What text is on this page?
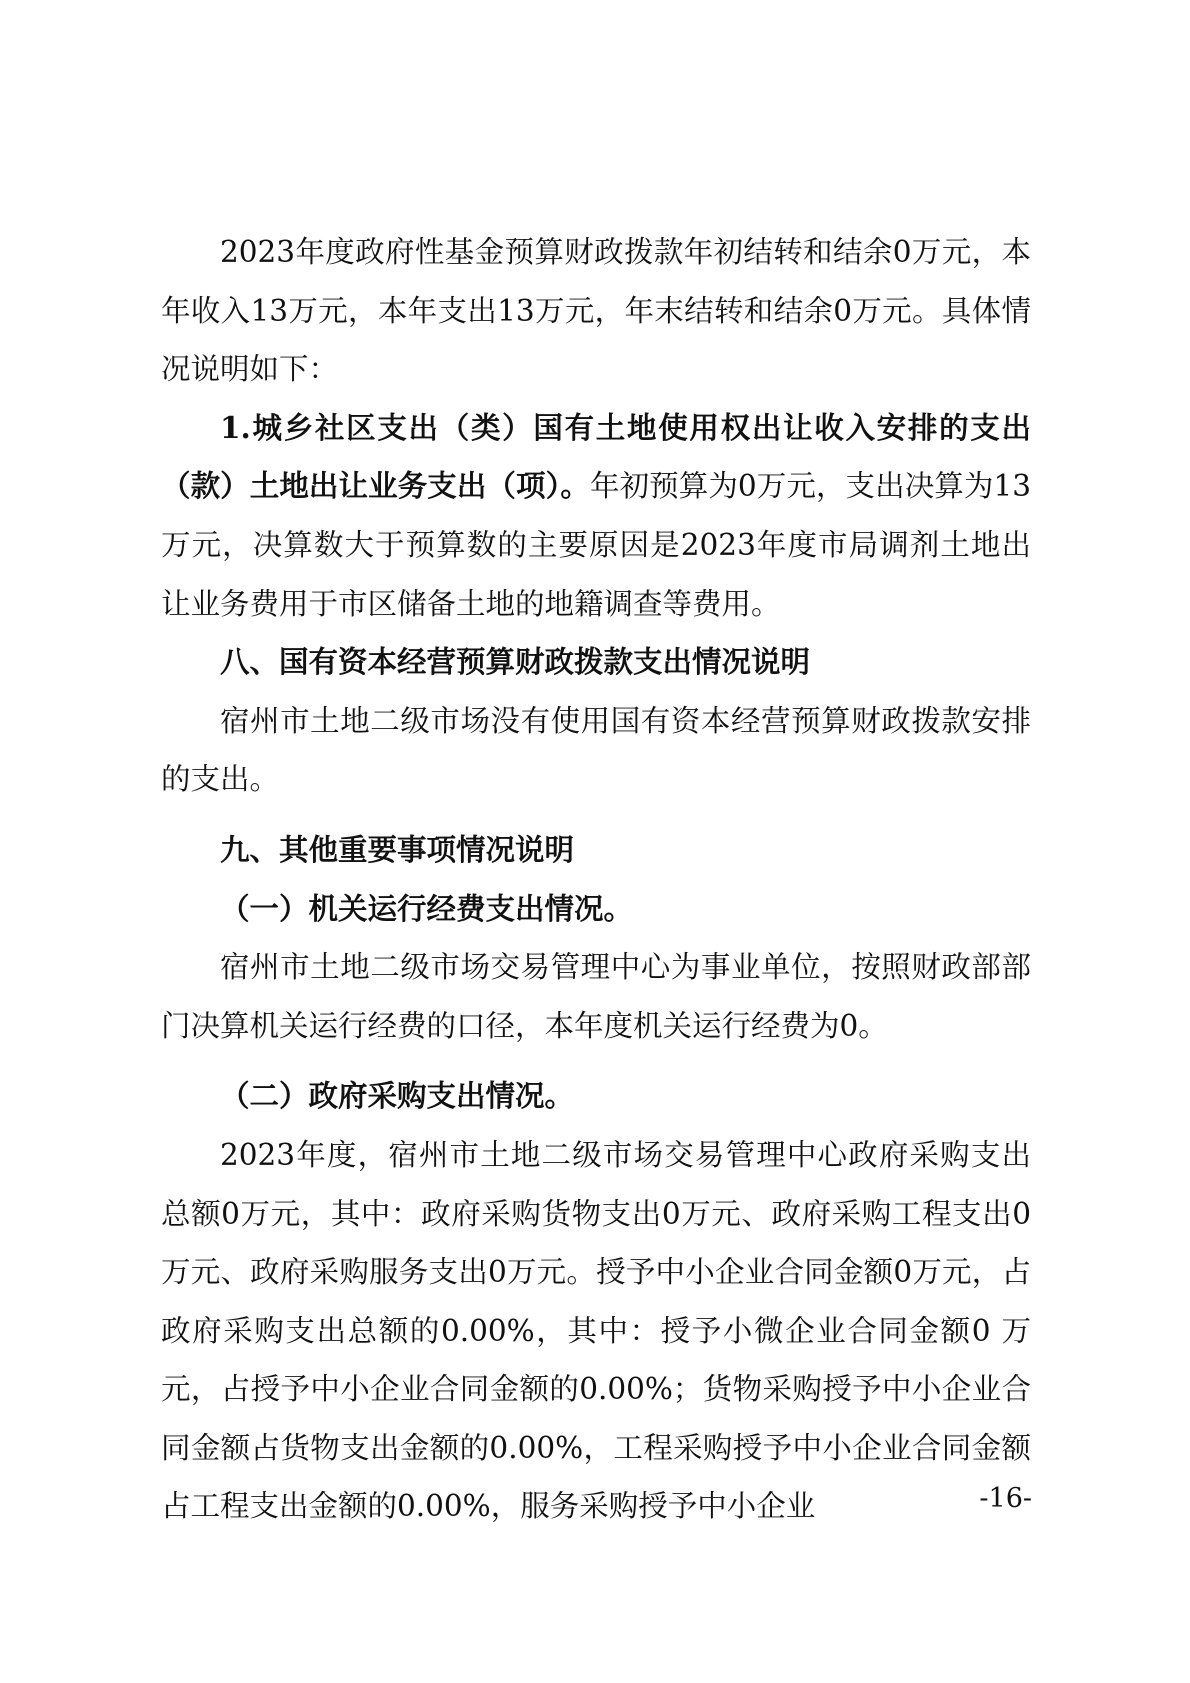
2023年度政府性基金预算财政拨款年初结转和结余0万元，本年收入13万元，本年支出13万元，年末结转和结余0万元。具体情况说明如下：

1.城乡社区支出（类）国有土地使用权出让收入安排的支出（款）土地出让业务支出（项）。年初预算为0万元，支出决算为13万元，决算数大于预算数的主要原因是2023年度市局调剂土地出让业务费用于市区储备土地的地籍调查等费用。

八、国有资本经营预算财政拨款支出情况说明

宿州市土地二级市场没有使用国有资本经营预算财政拨款安排的支出。

九、其他重要事项情况说明

（一）机关运行经费支出情况。

宿州市土地二级市场交易管理中心为事业单位，按照财政部部门决算机关运行经费的口径，本年度机关运行经费为0。

（二）政府采购支出情况。

2023年度，宿州市土地二级市场交易管理中心政府采购支出总额0万元，其中：政府采购货物支出0万元、政府采购工程支出0万元、政府采购服务支出0万元。授予中小企业合同金额0万元，占政府采购支出总额的0.00%，其中：授予小微企业合同金额0 万元，占授予中小企业合同金额的0.00%；货物采购授予中小企业合同金额占货物支出金额的0.00%，工程采购授予中小企业合同金额占工程支出金额的0.00%，服务采购授予中小企业	-16-
